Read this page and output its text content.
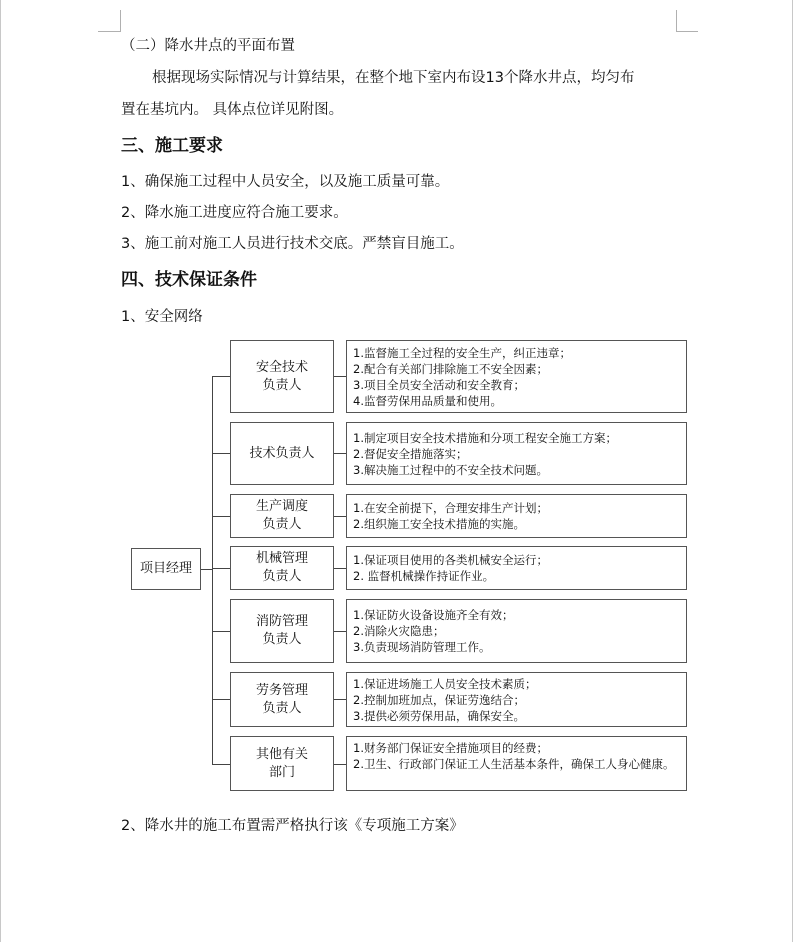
（二）降水井点的平面布置
根据现场实际情况与计算结果，在整个地下室内布设13个降水井点，均匀布
置在基坑内。 具体点位详见附图。
三、施工要求
1、确保施工过程中人员安全，以及施工质量可靠。
2、降水施工进度应符合施工要求。
3、施工前对施工人员进行技术交底。严禁盲目施工。
四、技术保证条件
1、安全网络
项目经理
安全技术
负责人
技术负责人
生产调度
负责人
机械管理
负责人
消防管理
负责人
劳务管理
负责人
其他有关
部门
1.监督施工全过程的安全生产，纠正违章；
2.配合有关部门排除施工不安全因素；
3.项目全员安全活动和安全教育；
4.监督劳保用品质量和使用。
1.制定项目安全技术措施和分项工程安全施工方案；
2.督促安全措施落实；
3.解决施工过程中的不安全技术问题。
1.在安全前提下，合理安排生产计划；
2.组织施工安全技术措施的实施。
1.保证项目使用的各类机械安全运行；
2. 监督机械操作持证作业。
1.保证防火设备设施齐全有效；
2.消除火灾隐患；
3.负责现场消防管理工作。
1.保证进场施工人员安全技术素质；
2.控制加班加点，保证劳逸结合；
3.提供必须劳保用品，确保安全。
1.财务部门保证安全措施项目的经费；
2.卫生、行政部门保证工人生活基本条件，确保工人身心健康。
2、降水井的施工布置需严格执行该《专项施工方案》
